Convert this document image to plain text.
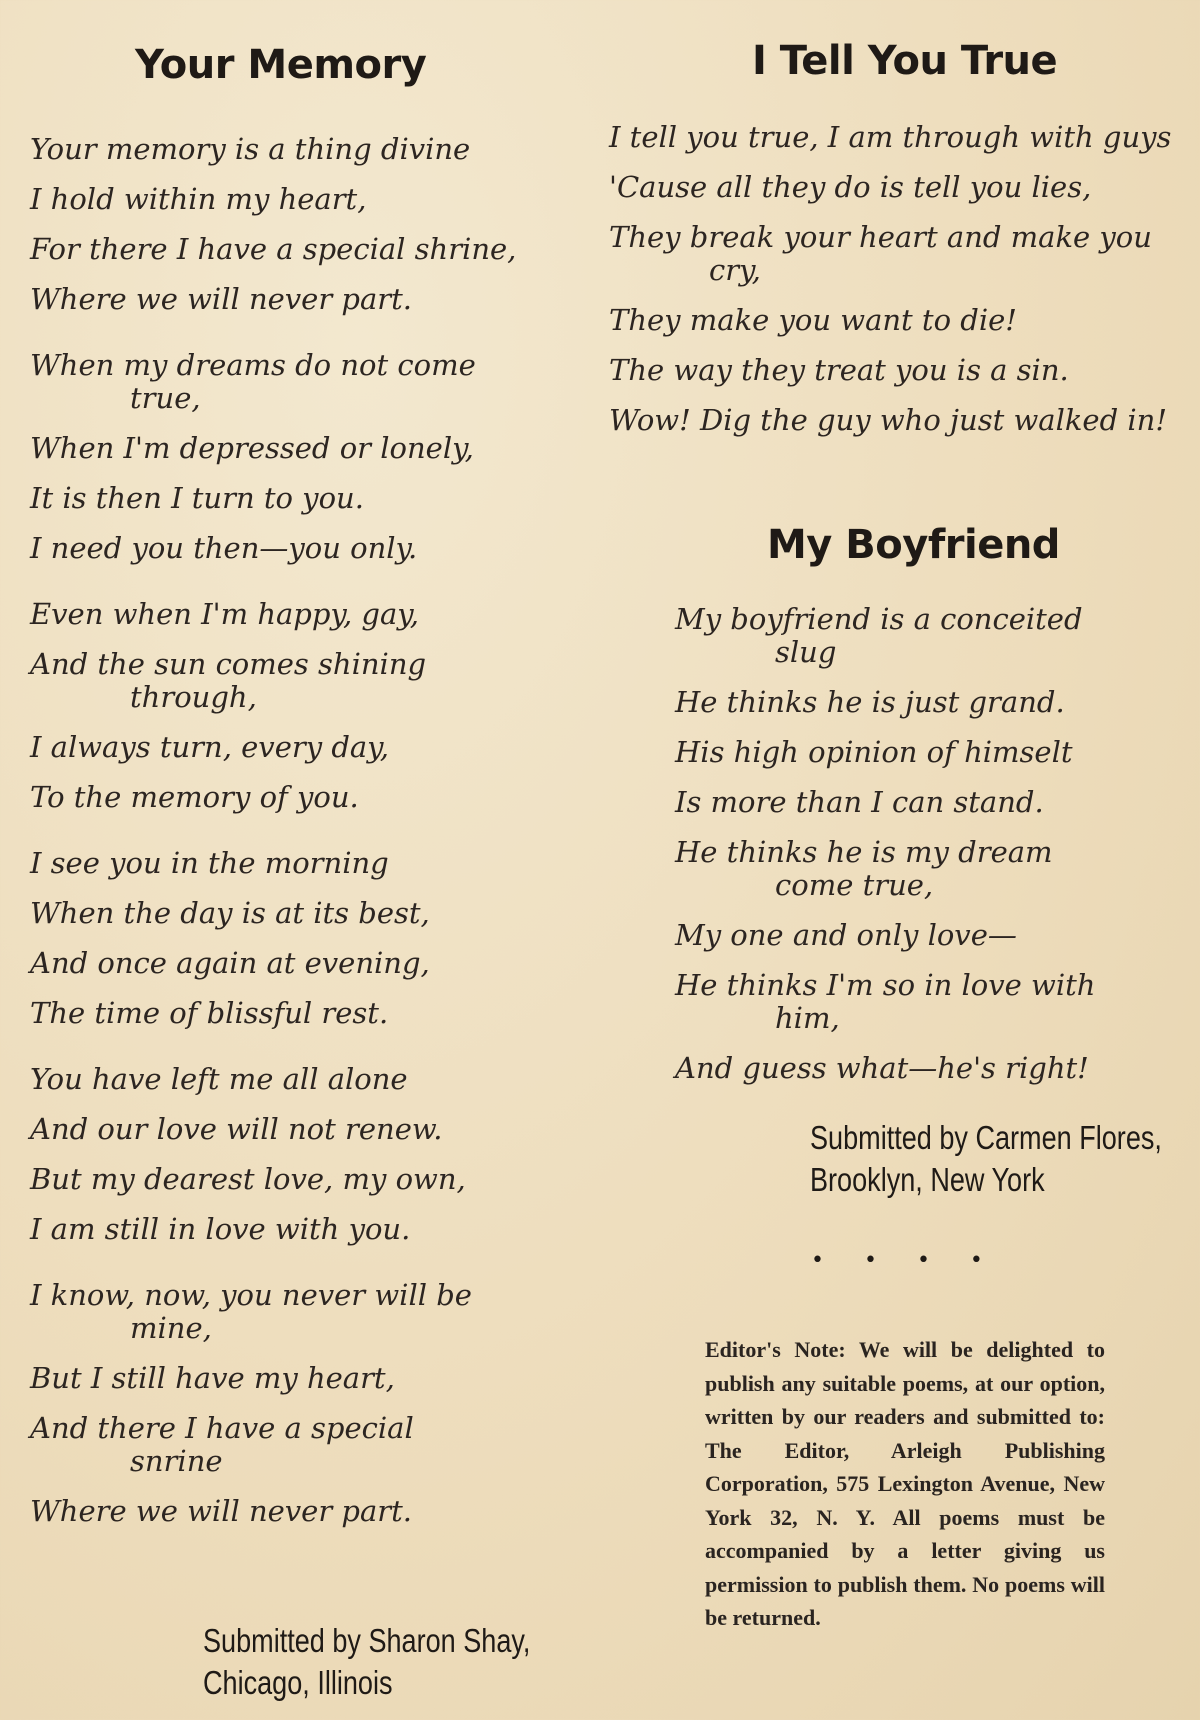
Your Memory
Your memory is a thing divine
I hold within my heart,
For there I have a special shrine,
Where we will never part.
When my dreams do not come
true,
When I'm depressed or lonely,
It is then I turn to you.
I need you then—you only.
Even when I'm happy, gay,
And the sun comes shining
through,
I always turn, every day,
To the memory of you.
I see you in the morning
When the day is at its best,
And once again at evening,
The time of blissful rest.
You have left me all alone
And our love will not renew.
But my dearest love, my own,
I am still in love with you.
I know, now, you never will be
mine,
But I still have my heart,
And there I have a special
snrine
Where we will never part.
Submitted by Sharon Shay,
Chicago, Illinois
I Tell You True
I tell you true, I am through with guys
'Cause all they do is tell you lies,
They break your heart and make you
cry,
They make you want to die!
The way they treat you is a sin.
Wow! Dig the guy who just walked in!
My Boyfriend
My boyfriend is a conceited
slug
He thinks he is just grand.
His high opinion of himselt
Is more than I can stand.
He thinks he is my dream
come true,
My one and only love—
He thinks I'm so in love with
him,
And guess what—he's right!
Submitted by Carmen Flores,
Brooklyn, New York
••••
Editor's Note: We will be delighted to publish any suitable poems, at our option, written by our readers and submitted to: The Editor, Arleigh Publishing Corporation, 575 Lexington Avenue, New York 32, N. Y. All poems must be accompanied by a letter giving us permission to publish them. No poems will be returned.
